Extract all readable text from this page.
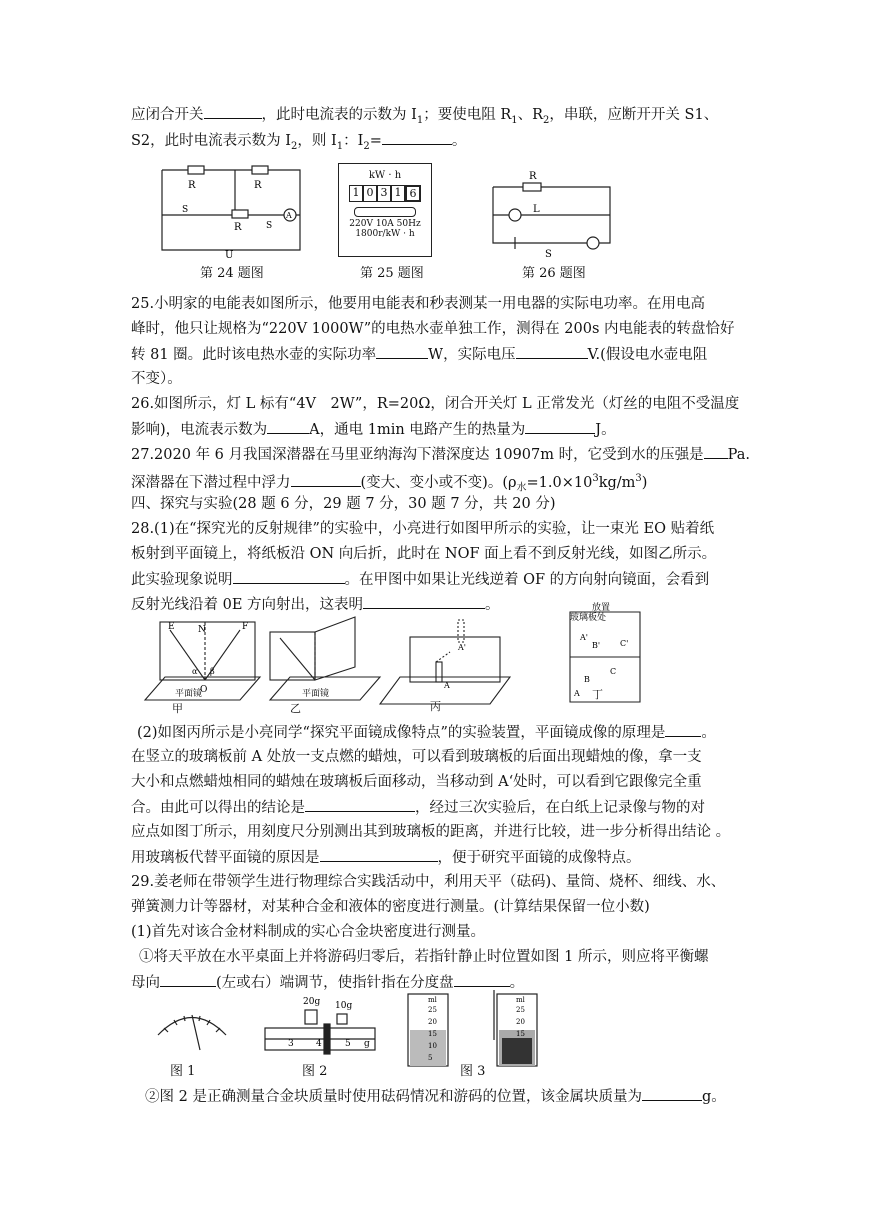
应闭合开关	，此时电流表的示数为 $I_1$；要使电阻 $R_1$、$R_2$，串联，应断开开关 S1、
S2，此时电流表示数为 $I_2$，则 $I_1$：$I_2=$	。
R	R
R
S
S
A
U
第 24 题图
kW · h
1 0 3 1 6
220V 10A 50Hz
1800r/kW · h
第 25 题图
R
L
S
第 26 题图
25.小明家的电能表如图所示，他要用电能表和秒表测某一用电器的实际电功率。在用电高
峰时，他只让规格为“220V 1000W”的电热水壶单独工作，测得在 200s 内电能表的转盘恰好
转 81 圈。此时该电热水壶的实际功率	W，实际电压	V.(假设电水壶电阻
不变）。
26.如图所示，灯 L 标有“4V　2W”，R=20Ω，闭合开关灯 L 正常发光（灯丝的电阻不受温度
影响)，电流表示数为	A，通电 1min 电路产生的热量为	J。
27.2020 年 6 月我国深潜器在马里亚纳海沟下潜深度达 10907m 时，它受到水的压强是 Pa.
深潜器在下潜过程中浮力	(变大、变小或不变)。$(\rho_水=1.0\times 10^3kg/m^3)$
四、探究与实验(28 题 6 分，29 题 7 分，30 题 7 分，共 20 分)
28.(1)在“探究光的反射规律”的实验中，小亮进行如图甲所示的实验，让一束光 EO 贴着纸
板射到平面镜上，将纸板沿 ON 向后折，此时在 NOF 面上看不到反射光线，如图乙所示。
此实验现象说明	。在甲图中如果让光线逆着 OF 的方向射向镜面，会看到
反射光线沿着 0E 方向射出，这表明	。
E	N	F
O
α β
平面镜	平面镜
A'
A
放置
玻璃板处
A'
B' C'
B
C
A
甲	乙	丙
丁
(2)如图丙所示是小亮同学“探究平面镜成像特点”的实验装置，平面镜成像的原理是 。
在竖立的玻璃板前 A 处放一支点燃的蜡烛，可以看到玻璃板的后面出现蜡烛的像，拿一支
大小和点燃蜡烛相同的蜡烛在玻璃板后面移动，当移动到 A‘处时，可以看到它跟像完全重
合。由此可以得出的结论是	，经过三次实验后，在白纸上记录像与物的对
应点如图丁所示，用刻度尺分别测出其到玻璃板的距离，并进行比较，进一步分析得出结论 。
用玻璃板代替平面镜的原因是	，便于研究平面镜的成像特点。
29.姜老师在带领学生进行物理综合实践活动中，利用天平（砝码)、量筒、烧杯、细线、水、
弹簧测力计等器材，对某种合金和液体的密度进行测量。(计算结果保留一位小数)
(1)首先对该合金材料制成的实心合金块密度进行测量。
①将天平放在水平桌面上并将游码归零后，若指针静止时位置如图 1 所示，则应将平衡螺
母向	(左或右）端调节，使指针指在分度盘	。
20g 10g
3 4	5 g
ml
25
20
15
10
5
ml
25
20
15
图 1	图 2	图 3
②图 2 是正确测量合金块质量时使用砝码情况和游码的位置，该金属块质量为	g。
